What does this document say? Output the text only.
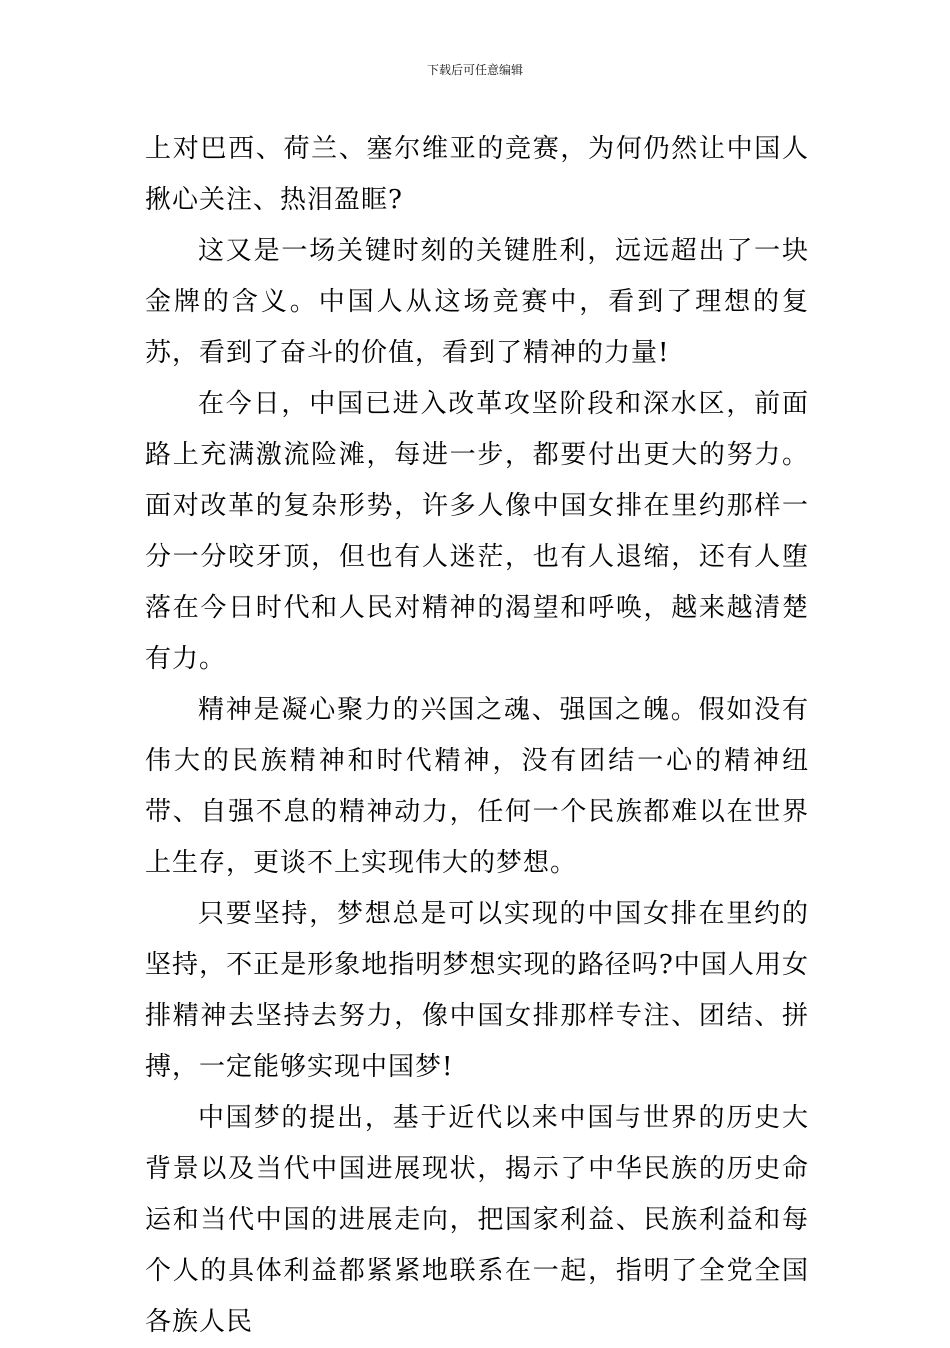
下载后可任意编辑

上对巴西、荷兰、塞尔维亚的竞赛，为何仍然让中国人揪心关注、热泪盈眶?

这又是一场关键时刻的关键胜利，远远超出了一块金牌的含义。中国人从这场竞赛中，看到了理想的复苏，看到了奋斗的价值，看到了精神的力量!

在今日，中国已进入改革攻坚阶段和深水区，前面路上充满激流险滩，每进一步，都要付出更大的努力。面对改革的复杂形势，许多人像中国女排在里约那样一分一分咬牙顶，但也有人迷茫，也有人退缩，还有人堕落在今日时代和人民对精神的渴望和呼唤，越来越清楚有力。

精神是凝心聚力的兴国之魂、强国之魄。假如没有伟大的民族精神和时代精神，没有团结一心的精神纽带、自强不息的精神动力，任何一个民族都难以在世界上生存，更谈不上实现伟大的梦想。

只要坚持，梦想总是可以实现的中国女排在里约的坚持，不正是形象地指明梦想实现的路径吗?中国人用女排精神去坚持去努力，像中国女排那样专注、团结、拼搏，一定能够实现中国梦!

中国梦的提出，基于近代以来中国与世界的历史大背景以及当代中国进展现状，揭示了中华民族的历史命运和当代中国的进展走向，把国家利益、民族利益和每个人的具体利益都紧紧地联系在一起，指明了全党全国各族人民
